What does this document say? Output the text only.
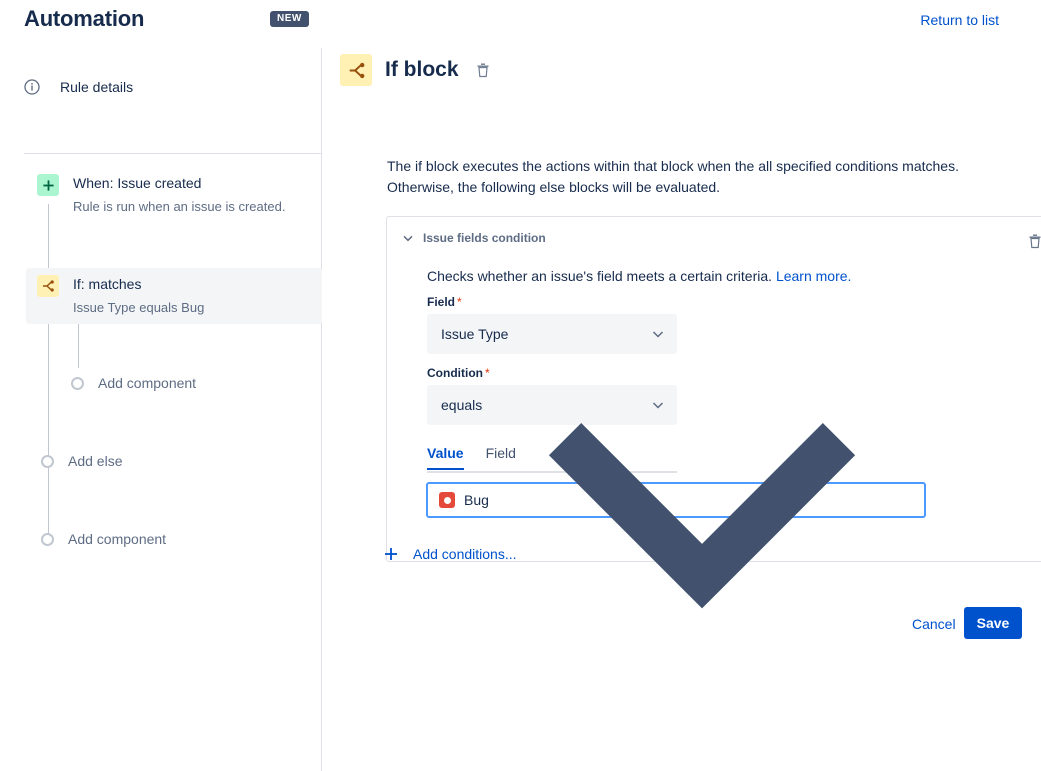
Automation	NEW	Return to list
Rule details
When: Issue created
Rule is run when an issue is created.
If: matches
Issue Type equals Bug
Add component
Add else
Add component
If block
The if block executes the actions within that block when the all specified conditions matches. Otherwise, the following else blocks will be evaluated.
Issue fields condition
Checks whether an issue's field meets a certain criteria. Learn more.
Field *
Issue Type
Condition *
equals
Value Field
Bug
Add conditions...
Cancel	Save
